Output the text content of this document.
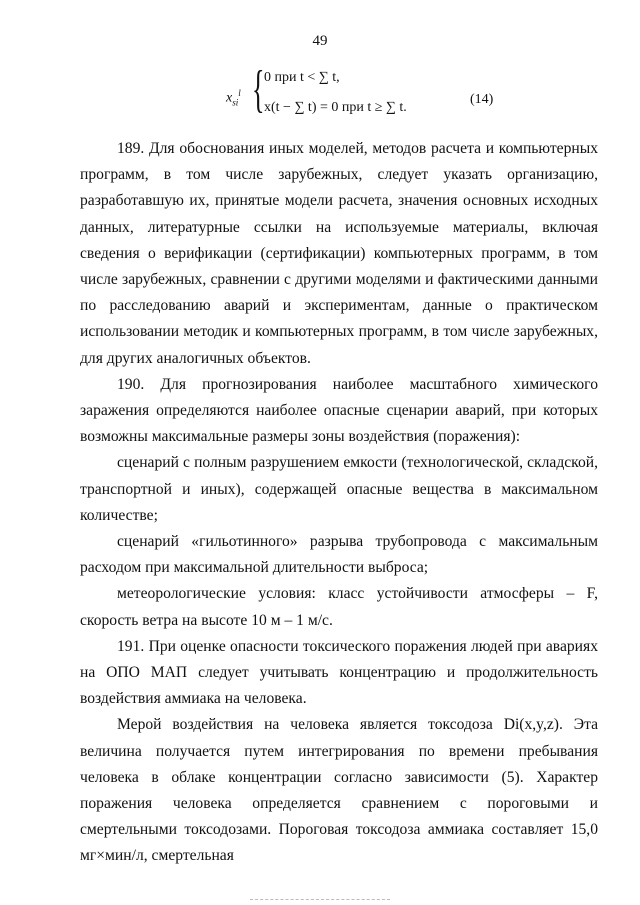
49
$x_{si}^l$ { 0 при t < ∑ t,
x(t − ∑ t) = 0 при t ≥ ∑ t.
(14)

189. Для обоснования иных моделей, методов расчета и компьютерных программ, в том числе зарубежных, следует указать организацию, разработавшую их, принятые модели расчета, значения основных исходных данных, литературные ссылки на используемые материалы, включая сведения о верификации (сертификации) компьютерных программ, в том числе зарубежных, сравнении с другими моделями и фактическими данными по расследованию аварий и экспериментам, данные о практическом использовании методик и компьютерных программ, в том числе зарубежных, для других аналогичных объектов.

190. Для прогнозирования наиболее масштабного химического заражения определяются наиболее опасные сценарии аварий, при которых возможны максимальные размеры зоны воздействия (поражения):

сценарий с полным разрушением емкости (технологической, складской, транспортной и иных), содержащей опасные вещества в максимальном количестве;

сценарий «гильотинного» разрыва трубопровода с максимальным расходом при максимальной длительности выброса;

метеорологические условия: класс устойчивости атмосферы – F, скорость ветра на высоте 10 м – 1 м/с.

191. При оценке опасности токсического поражения людей при авариях на ОПО МАП следует учитывать концентрацию и продолжительность воздействия аммиака на человека.

Мерой воздействия на человека является токсодоза Di(x,y,z). Эта величина получается путем интегрирования по времени пребывания человека в облаке концентрации согласно зависимости (5). Характер поражения человека определяется сравнением с пороговыми и смертельными токсодозами. Пороговая токсодоза аммиака составляет 15,0 мг×мин/л, смертельная
